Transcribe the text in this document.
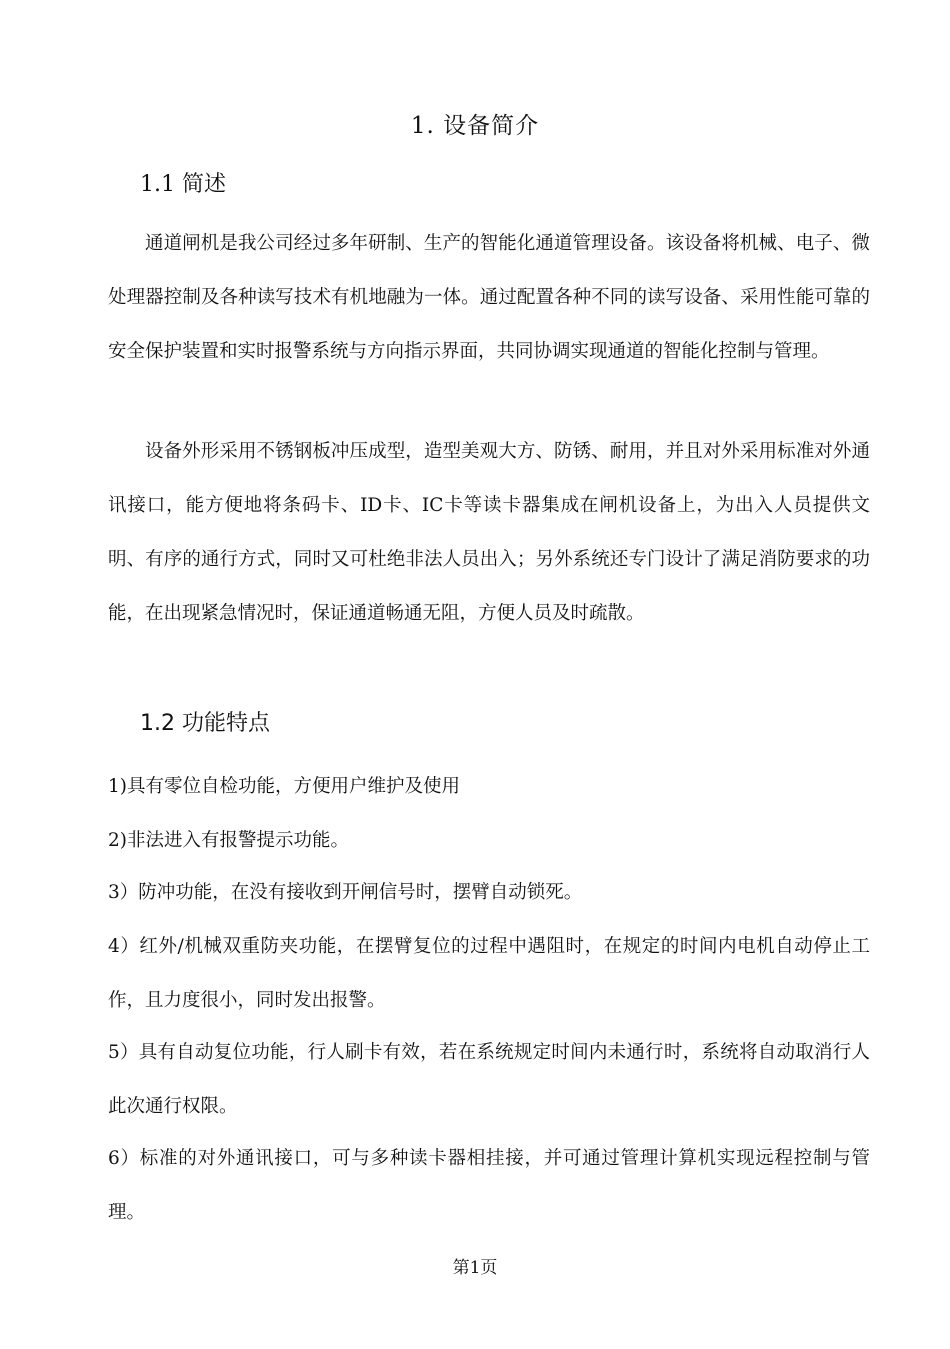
1. 设备简介
1.1 简述

通道闸机是我公司经过多年研制、生产的智能化通道管理设备。该设备将机械、电子、微处理器控制及各种读写技术有机地融为一体。通过配置各种不同的读写设备、采用性能可靠的安全保护装置和实时报警系统与方向指示界面，共同协调实现通道的智能化控制与管理。

设备外形采用不锈钢板冲压成型，造型美观大方、防锈、耐用，并且对外采用标准对外通讯接口，能方便地将条码卡、ID卡、IC卡等读卡器集成在闸机设备上，为出入人员提供文明、有序的通行方式，同时又可杜绝非法人员出入；另外系统还专门设计了满足消防要求的功能，在出现紧急情况时，保证通道畅通无阻，方便人员及时疏散。

1.2 功能特点

1)具有零位自检功能，方便用户维护及使用

2)非法进入有报警提示功能。

3）防冲功能，在没有接收到开闸信号时，摆臂自动锁死。

4）红外/机械双重防夹功能，在摆臂复位的过程中遇阻时，在规定的时间内电机自动停止工作，且力度很小，同时发出报警。

5）具有自动复位功能，行人刷卡有效，若在系统规定时间内未通行时，系统将自动取消行人此次通行权限。

6）标准的对外通讯接口，可与多种读卡器相挂接，并可通过管理计算机实现远程控制与管理。

第1页
